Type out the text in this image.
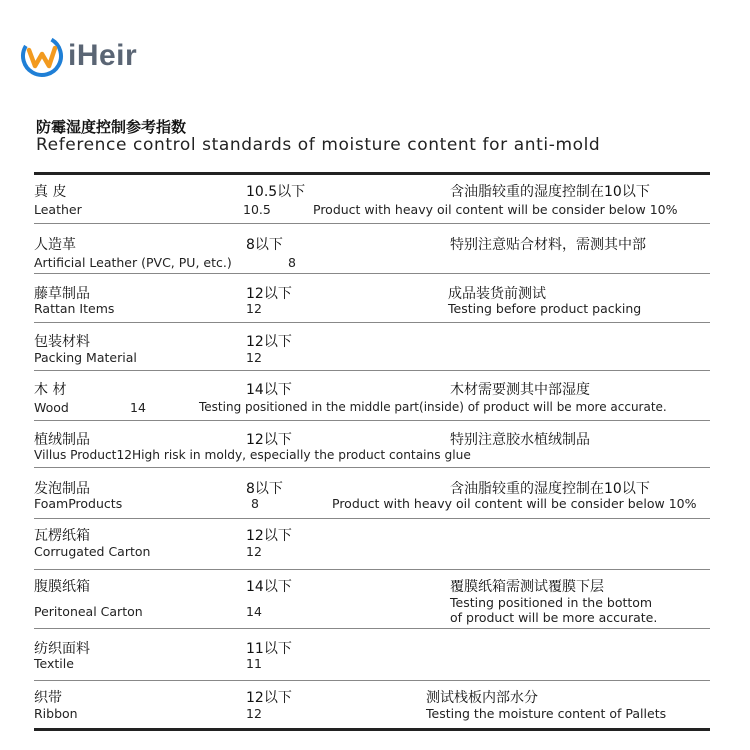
iHeir
防霉湿度控制参考指数
Reference control standards of moisture content for anti-mold
真 皮
Leather
10.5以下
10.5
含油脂较重的湿度控制在10以下
Product with heavy oil content will be consider below 10%
人造革
Artificial Leather (PVC, PU, etc.)
8以下
8
特别注意贴合材料，需测其中部
藤草制品
Rattan Items
12以下
12
成品装货前测试
Testing before product packing
包装材料
Packing Material
12以下
12
木 材
Wood
14以下
14
木材需要测其中部湿度
Testing positioned in the middle part(inside) of product will be more accurate.
植绒制品
Villus Product12High risk in moldy, especially the product contains glue
12以下	特别注意胶水植绒制品
发泡制品
FoamProducts
8以下
8
含油脂较重的湿度控制在10以下
Product with heavy oil content will be consider below 10%
瓦楞纸箱
Corrugated Carton
12以下
12
腹膜纸箱
Peritoneal Carton
14以下
14
覆膜纸箱需测试覆膜下层
Testing positioned in the bottom
of product will be more accurate.
纺织面料
Textile
11以下
11
织带
Ribbon
12以下
12
测试栈板内部水分
Testing the moisture content of Pallets
